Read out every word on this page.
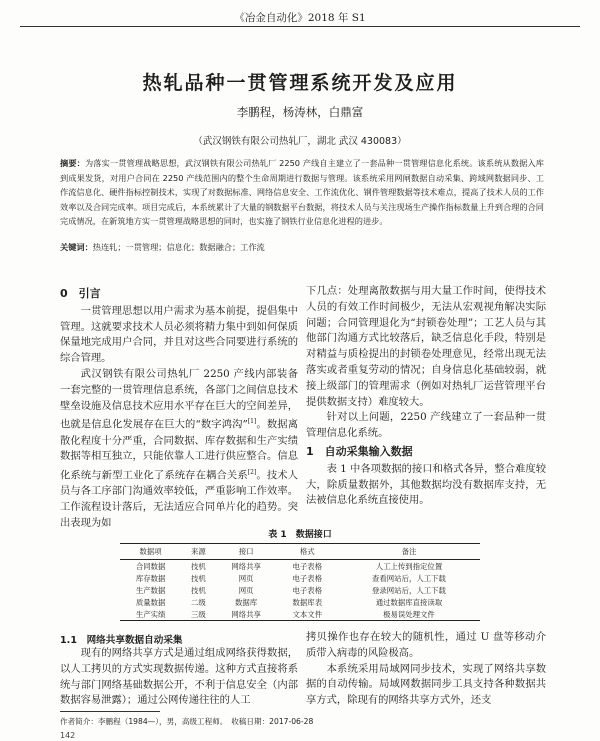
《冶金自动化》2018 年 S1
热轧品种一贯管理系统开发及应用
李鹏程，杨涛林，白鼎富
（武汉钢铁有限公司热轧厂，湖北 武汉 430083）
摘要：为落实一贯管理战略思想，武汉钢铁有限公司热轧厂 2250 产线自主建立了一套品种一贯管理信息化系统。该系统从数据入库到成果发货，对用户合同在 2250 产线范围内的整个生命周期进行数据与管理。该系统采用网闸数据自动采集、跨域网数据同步、工作流信息化、硬件指标控制技术，实现了对数据标准、网络信息安全、工作流优化、钢件管理数据等技术难点，提高了技术人员的工作效率以及合同完成率。项目完成后，本系统累计了大量的钢数据平台数据，将技术人员与关注现场生产操作指标数量上升到合理的合同完成情况，在新筑地方实一贯管理战略思想的同时，也实施了钢铁行业信息化进程的进步。
关键词：热连轧；一贯管理；信息化；数据融合；工作流

0　引言

一贯管理思想以用户需求为基本前提，提倡集中管理。这就要求技术人员必须将精力集中到如何保质保量地完成用户合同，并且对这些合同要进行系统的综合管理。

武汉钢铁有限公司热轧厂 2250 产线内部装备一套完整的一贯管理信息系统，各部门之间信息技术壁垒设施及信息技术应用水平存在巨大的空间差异，也就是信息化发展存在巨大的“数字鸿沟”[1]。数据离散化程度十分严重，合同数据、库存数据和生产实绩数据等相互独立，只能依靠人工进行供应整合。信息化系统与新型工业化了系统存在耦合关系[2]。技术人员与各工序部门沟通效率较低，严重影响工作效率。工作流程设计落后，无法适应合同单片化的趋势。突出表现为如

下几点：处理离散数据与用大量工作时间，使得技术人员的有效工作时间极少，无法从宏观视角解决实际问题；合同管理退化为“封锁卷处理”；工艺人员与其他部门沟通方式比较落后，缺乏信息化手段，特别是对精益与质检提出的封锁卷处理意见，经常出现无法落实或者重复劳动的情况；自身信息化基础较弱，就接上级部门的管理需求（例如对热轧厂运营管理平台提供数据支持）难度较大。

针对以上问题，2250 产线建立了一套品种一贯管理信息化系统。

1　自动采集输入数据

表 1 中各项数据的接口和格式各异，整合难度较大，除质量数据外，其他数据均没有数据库支持，无法被信息化系统直接使用。

表 1　数据接口
数据项	来源	接口	格式	备注
合同数据	技机	网络共享	电子表格	人工上传到指定位置
库存数据	技机	网页	电子表格	查看网站后，人工下载
生产数据	技机	网页	电子表格	登录网站后，人工下载
质量数据	二级	数据库	数据库表	通过数据库直接读取
生产实绩	三级	网络共享	文本文件	极易误处理文件
1.1　网络共享数据自动采集

现有的网络共享方式是通过组成网络获得数据，以人工拷贝的方式实现数据传递。这种方式直接将系统与部门网络基础数据公开，不利于信息安全（内部数据容易泄露）；通过公网传递往往的人工

拷贝操作也存在较大的随机性，通过 U 盘等移动介质带入病毒的风险极高。

本系统采用局域网同步技术，实现了网络共享数据的自动传输。局域网数据同步工具支持各种数据共享方式，除现有的网络共享方式外，还支

作者简介：李鹏程（1984—），男，高级工程师。　收稿日期：2017-06-28
142
